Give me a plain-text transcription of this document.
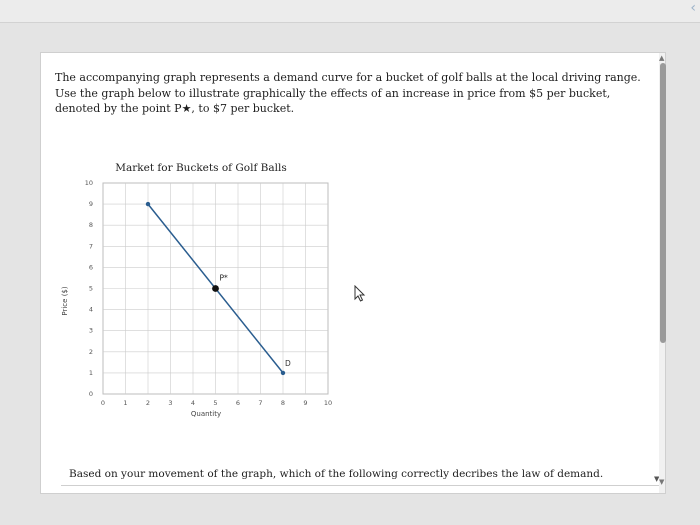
‹
The accompanying graph represents a demand curve for a bucket of golf balls at the local driving range. Use the graph below to illustrate graphically the effects of an increase in price from $5 per bucket, denoted by the point P★, to $7 per bucket.
0	1	2	3	4	5	6	7	8	9	10
0
1
2
3
4
5
6
7
8
9
10
Market for Buckets of Golf Balls
Quantity
Price ($)
D
P*
Based on your movement of the graph, which of the following correctly decribes the law of demand.	▼
▲
▼
